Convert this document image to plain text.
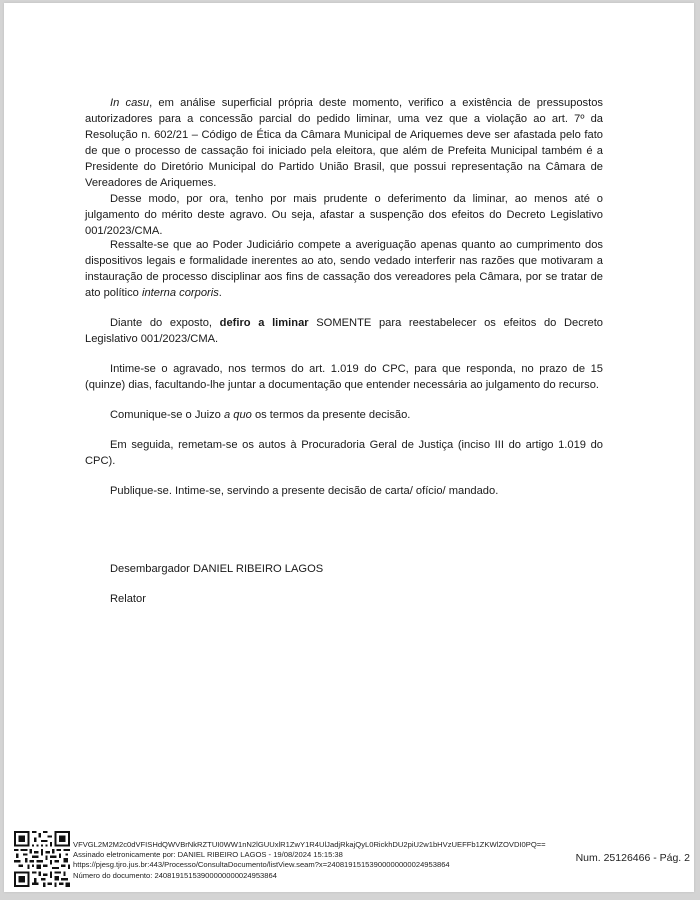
In casu, em análise superficial própria deste momento, verifico a existência de pressupostos autorizadores para a concessão parcial do pedido liminar, uma vez que a violação ao art. 7º da Resolução n. 602/21 – Código de Ética da Câmara Municipal de Ariquemes deve ser afastada pelo fato de que o processo de cassação foi iniciado pela eleitora, que além de Prefeita Municipal também é a Presidente do Diretório Municipal do Partido União Brasil, que possui representação na Câmara de Vereadores de Ariquemes.

Desse modo, por ora, tenho por mais prudente o deferimento da liminar, ao menos até o julgamento do mérito deste agravo. Ou seja, afastar a suspenção dos efeitos do Decreto Legislativo 001/2023/CMA.

Ressalte-se que ao Poder Judiciário compete a averiguação apenas quanto ao cumprimento dos dispositivos legais e formalidade inerentes ao ato, sendo vedado interferir nas razões que motivaram a instauração de processo disciplinar aos fins de cassação dos vereadores pela Câmara, por se tratar de ato político interna corporis.

Diante do exposto, defiro a liminar SOMENTE para reestabelecer os efeitos do Decreto Legislativo 001/2023/CMA.

Intime-se o agravado, nos termos do art. 1.019 do CPC, para que responda, no prazo de 15 (quinze) dias, facultando-lhe juntar a documentação que entender necessária ao julgamento do recurso.

Comunique-se o Juizo a quo os termos da presente decisão.

Em seguida, remetam-se os autos à Procuradoria Geral de Justiça (inciso III do artigo 1.019 do CPC).

Publique-se. Intime-se, servindo a presente decisão de carta/ ofício/ mandado.

Desembargador DANIEL RIBEIRO LAGOS
Relator
VFVGL2M2M2c0dVFISHdQWVBrNkRZTUI0WW1nN2lGUUxlR1ZwY1R4UlJadjRkajQyL0RickhDU2piU2w1bHVzUEFFb1ZKWlZOVDI0PQ==
Assinado eletronicamente por: DANIEL RIBEIRO LAGOS - 19/08/2024 15:15:38
https://pjesg.tjro.jus.br:443/Processo/ConsultaDocumento/listView.seam?x=24081915153900000000024953864
Número do documento: 24081915153900000000024953864
Num. 25126466 - Pág. 2
